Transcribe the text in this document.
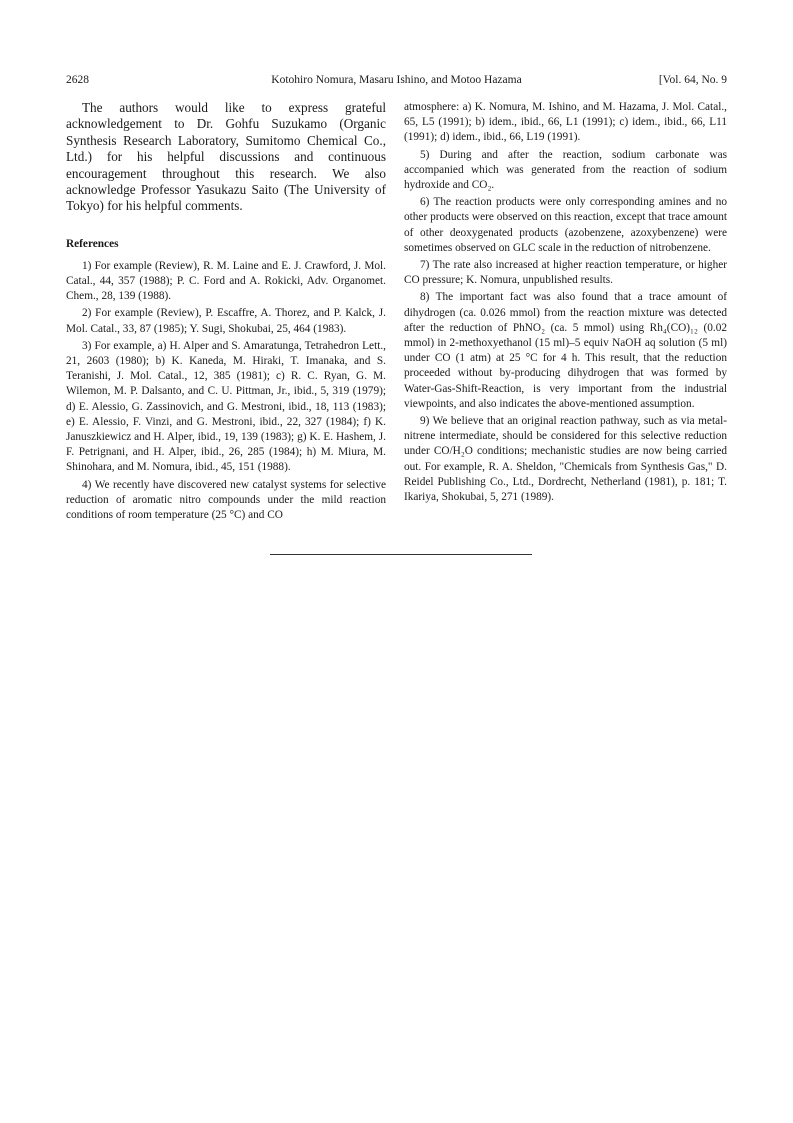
2628	Kotohiro Nomura, Masaru Ishino, and Motoo Hazama	[Vol. 64, No. 9

The authors would like to express grateful acknowledgement to Dr. Gohfu Suzukamo (Organic Synthesis Research Laboratory, Sumitomo Chemical Co., Ltd.) for his helpful discussions and continuous encouragement throughout this research. We also acknowledge Professor Yasukazu Saito (The University of Tokyo) for his helpful comments.

References

1) For example (Review), R. M. Laine and E. J. Crawford, J. Mol. Catal., 44, 357 (1988); P. C. Ford and A. Rokicki, Adv. Organomet. Chem., 28, 139 (1988).

2) For example (Review), P. Escaffre, A. Thorez, and P. Kalck, J. Mol. Catal., 33, 87 (1985); Y. Sugi, Shokubai, 25, 464 (1983).

3) For example, a) H. Alper and S. Amaratunga, Tetrahedron Lett., 21, 2603 (1980); b) K. Kaneda, M. Hiraki, T. Imanaka, and S. Teranishi, J. Mol. Catal., 12, 385 (1981); c) R. C. Ryan, G. M. Wilemon, M. P. Dalsanto, and C. U. Pittman, Jr., ibid., 5, 319 (1979); d) E. Alessio, G. Zassinovich, and G. Mestroni, ibid., 18, 113 (1983); e) E. Alessio, F. Vinzi, and G. Mestroni, ibid., 22, 327 (1984); f) K. Januszkiewicz and H. Alper, ibid., 19, 139 (1983); g) K. E. Hashem, J. F. Petrignani, and H. Alper, ibid., 26, 285 (1984); h) M. Miura, M. Shinohara, and M. Nomura, ibid., 45, 151 (1988).

4) We recently have discovered new catalyst systems for selective reduction of aromatic nitro compounds under the mild reaction conditions of room temperature (25 °C) and CO

atmosphere: a) K. Nomura, M. Ishino, and M. Hazama, J. Mol. Catal., 65, L5 (1991); b) idem., ibid., 66, L1 (1991); c) idem., ibid., 66, L11 (1991); d) idem., ibid., 66, L19 (1991).

5) During and after the reaction, sodium carbonate was accompanied which was generated from the reaction of sodium hydroxide and CO₂.

6) The reaction products were only corresponding amines and no other products were observed on this reaction, except that trace amount of other deoxygenated products (azobenzene, azoxybenzene) were sometimes observed on GLC scale in the reduction of nitrobenzene.

7) The rate also increased at higher reaction temperature, or higher CO pressure; K. Nomura, unpublished results.

8) The important fact was also found that a trace amount of dihydrogen (ca. 0.026 mmol) from the reaction mixture was detected after the reduction of PhNO₂ (ca. 5 mmol) using Rh₄(CO)₁₂ (0.02 mmol) in 2-methoxyethanol (15 ml)–5 equiv NaOH aq solution (5 ml) under CO (1 atm) at 25 °C for 4 h. This result, that the reduction proceeded without by-producing dihydrogen that was formed by Water-Gas-Shift-Reaction, is very important from the industrial viewpoints, and also indicates the above-mentioned assumption.

9) We believe that an original reaction pathway, such as via metal-nitrene intermediate, should be considered for this selective reduction under CO/H₂O conditions; mechanistic studies are now being carried out. For example, R. A. Sheldon, "Chemicals from Synthesis Gas," D. Reidel Publishing Co., Ltd., Dordrecht, Netherland (1981), p. 181; T. Ikariya, Shokubai, 5, 271 (1989).
